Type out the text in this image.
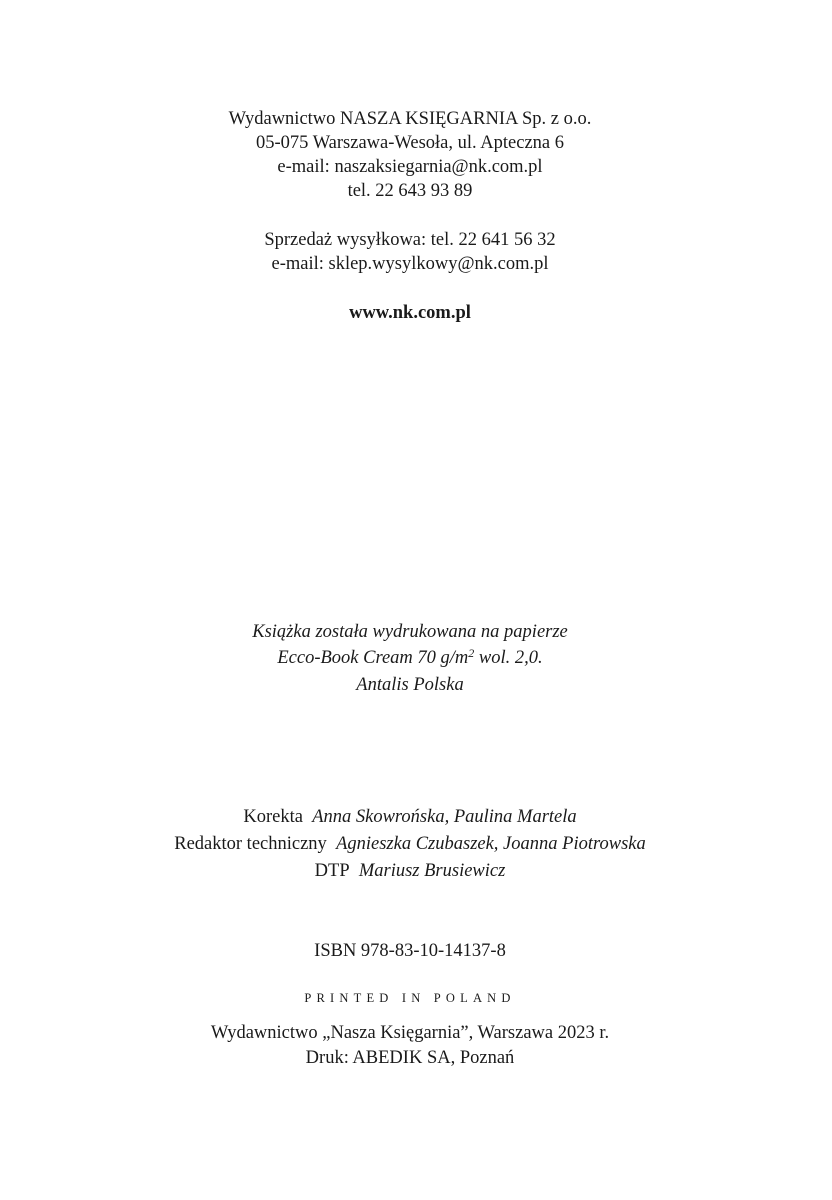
Wydawnictwo NASZA KSIĘGARNIA Sp. z o.o.
05-075 Warszawa-Wesoła, ul. Apteczna 6
e-mail: naszaksiegarnia@nk.com.pl
tel. 22 643 93 89
Sprzedaż wysyłkowa: tel. 22 641 56 32
e-mail: sklep.wysylkowy@nk.com.pl
www.nk.com.pl
Książka została wydrukowana na papierze
Ecco-Book Cream 70 $g/m^2$ wol. 2,0.
Antalis Polska
Korekta Anna Skowrońska, Paulina Martela
Redaktor techniczny Agnieszka Czubaszek, Joanna Piotrowska
DTP Mariusz Brusiewicz
ISBN 978-83-10-14137-8
PRINTED IN POLAND
Wydawnictwo „Nasza Księgarnia”, Warszawa 2023 r.
Druk: ABEDIK SA, Poznań
